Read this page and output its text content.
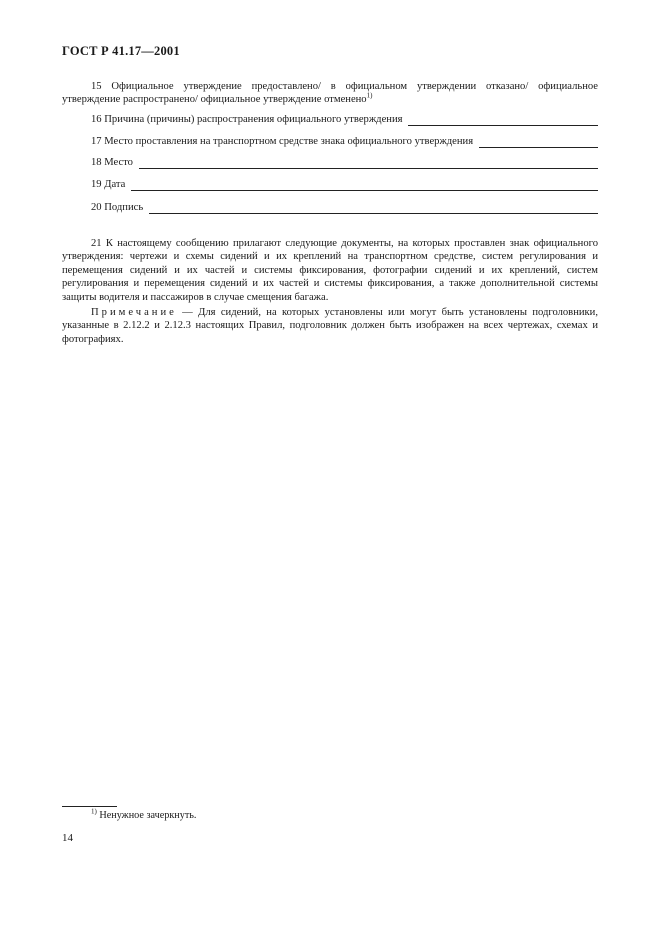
ГОСТ Р 41.17—2001

15 Официальное утверждение предоставлено/ в официальном утверждении отказано/ официальное утверждение распространено/ официальное утверждение отменено$^{1)}$

16 Причина (причины) распространения официального утверждения
17 Место проставления на транспортном средстве знака официального утверждения
18 Место
19 Дата
20 Подпись

21 К настоящему сообщению прилагают следующие документы, на которых проставлен знак официального утверждения: чертежи и схемы сидений и их креплений на транспортном средстве, систем регулирования и перемещения сидений и их частей и системы фиксирования, фотографии сидений и их креплений, систем регулирования и перемещения сидений и их частей и системы фиксирования, а также дополнительной системы защиты водителя и пассажиров в случае смещения багажа.

Примечание — Для сидений, на которых установлены или могут быть установлены подголовники, указанные в 2.12.2 и 2.12.3 настоящих Правил, подголовник должен быть изображен на всех чертежах, схемах и фотографиях.

$^{1)}$ Ненужное зачеркнуть.
14
